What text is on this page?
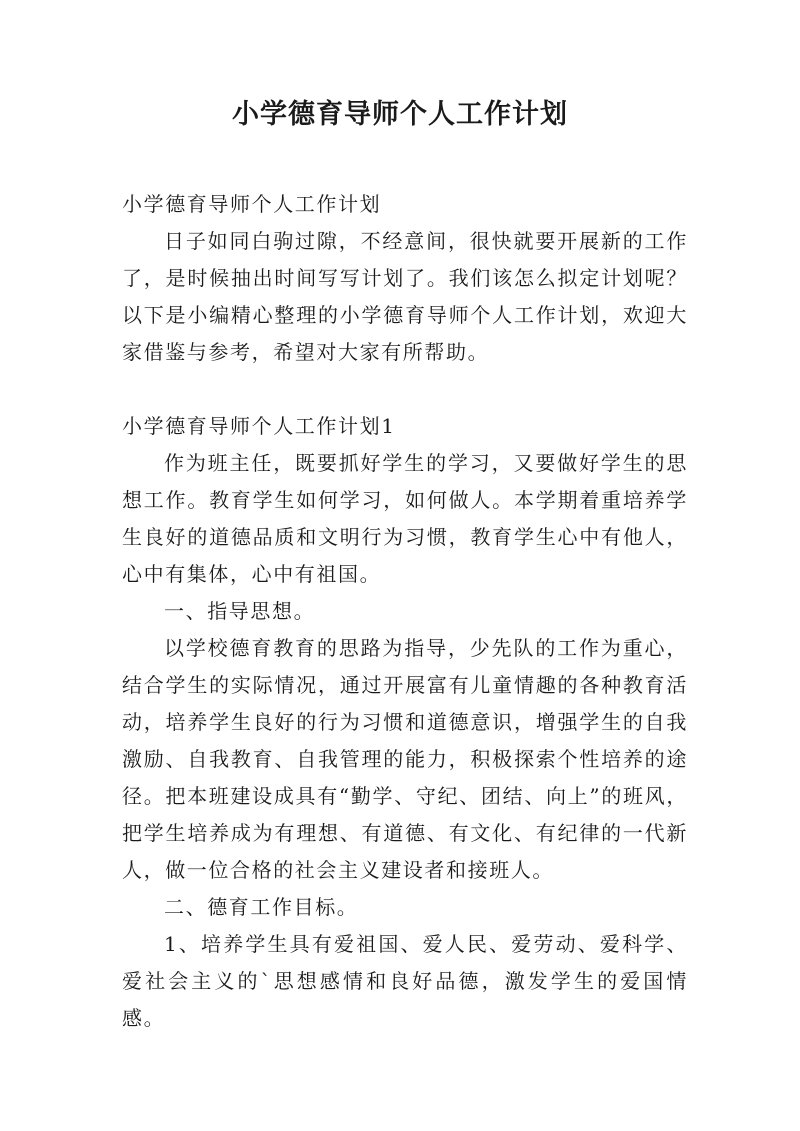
小学德育导师个人工作计划

小学德育导师个人工作计划

日子如同白驹过隙，不经意间，很快就要开展新的工作了，是时候抽出时间写写计划了。我们该怎么拟定计划呢？以下是小编精心整理的小学德育导师个人工作计划，欢迎大家借鉴与参考，希望对大家有所帮助。

小学德育导师个人工作计划1

作为班主任，既要抓好学生的学习，又要做好学生的思想工作。教育学生如何学习，如何做人。本学期着重培养学生良好的道德品质和文明行为习惯，教育学生心中有他人，心中有集体，心中有祖国。

一、指导思想。

以学校德育教育的思路为指导，少先队的工作为重心，结合学生的实际情况，通过开展富有儿童情趣的各种教育活动，培养学生良好的行为习惯和道德意识，增强学生的自我激励、自我教育、自我管理的能力，积极探索个性培养的途径。把本班建设成具有“勤学、守纪、团结、向上”的班风，把学生培养成为有理想、有道德、有文化、有纪律的一代新人，做一位合格的社会主义建设者和接班人。

二、德育工作目标。

1、培养学生具有爱祖国、爱人民、爱劳动、爱科学、爱社会主义的`思想感情和良好品德，激发学生的爱国情感。
